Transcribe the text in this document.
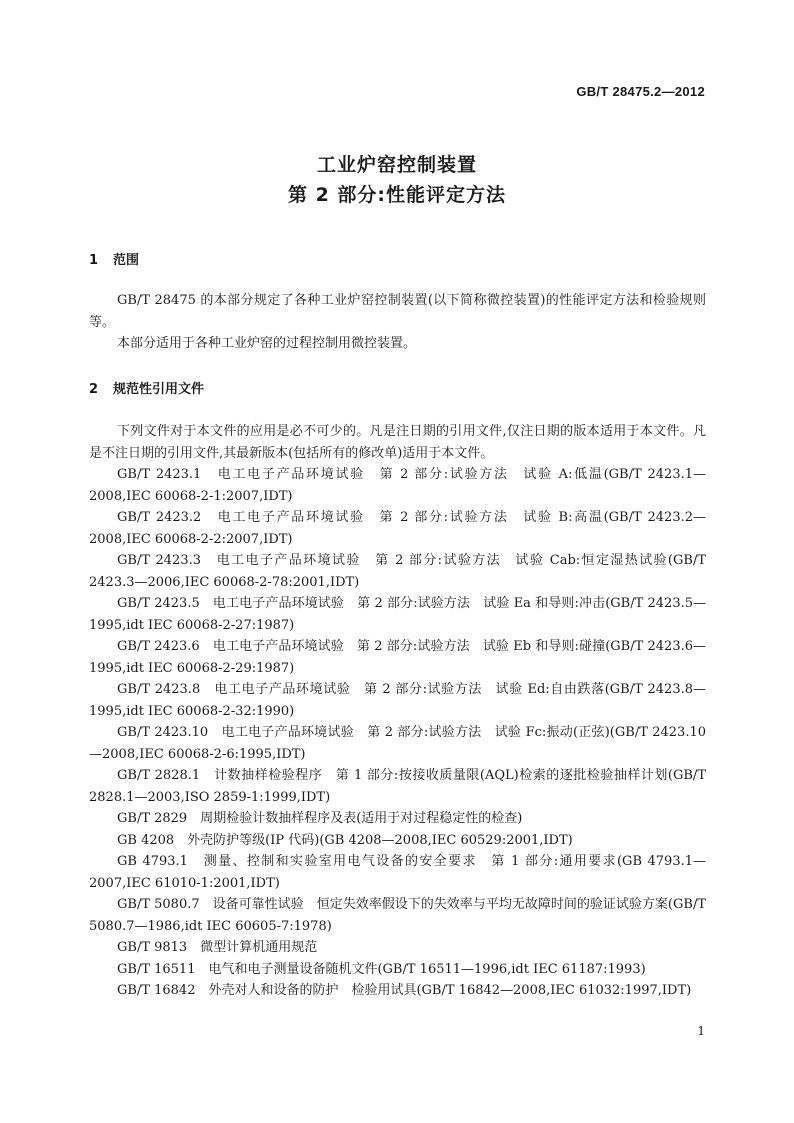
GB/T 28475.2—2012
工业炉窑控制装置
第 2 部分:性能评定方法
1 范围

GB/T 28475 的本部分规定了各种工业炉窑控制装置(以下简称微控装置)的性能评定方法和检验规则等。

本部分适用于各种工业炉窑的过程控制用微控装置。

2 规范性引用文件

下列文件对于本文件的应用是必不可少的。凡是注日期的引用文件,仅注日期的版本适用于本文件。凡是不注日期的引用文件,其最新版本(包括所有的修改单)适用于本文件。

GB/T 2423.1　电工电子产品环境试验　第 2 部分:试验方法　试验 A:低温(GB/T 2423.1—2008,IEC 60068-2-1:2007,IDT)

GB/T 2423.2　电工电子产品环境试验　第 2 部分:试验方法　试验 B:高温(GB/T 2423.2—2008,IEC 60068-2-2:2007,IDT)

GB/T 2423.3　电工电子产品环境试验　第 2 部分:试验方法　试验 Cab:恒定湿热试验(GB/T 2423.3—2006,IEC 60068-2-78:2001,IDT)

GB/T 2423.5　电工电子产品环境试验　第 2 部分:试验方法　试验 Ea 和导则:冲击(GB/T 2423.5—1995,idt IEC 60068-2-27:1987)

GB/T 2423.6　电工电子产品环境试验　第 2 部分:试验方法　试验 Eb 和导则:碰撞(GB/T 2423.6—1995,idt IEC 60068-2-29:1987)

GB/T 2423.8　电工电子产品环境试验　第 2 部分:试验方法　试验 Ed:自由跌落(GB/T 2423.8—1995,idt IEC 60068-2-32:1990)

GB/T 2423.10　电工电子产品环境试验　第 2 部分:试验方法　试验 Fc:振动(正弦)(GB/T 2423.10—2008,IEC 60068-2-6:1995,IDT)

GB/T 2828.1　计数抽样检验程序　第 1 部分:按接收质量限(AQL)检索的逐批检验抽样计划(GB/T 2828.1—2003,ISO 2859-1:1999,IDT)

GB/T 2829　周期检验计数抽样程序及表(适用于对过程稳定性的检查)

GB 4208　外壳防护等级(IP 代码)(GB 4208—2008,IEC 60529:2001,IDT)

GB 4793.1　测量、控制和实验室用电气设备的安全要求　第 1 部分:通用要求(GB 4793.1—2007,IEC 61010-1:2001,IDT)

GB/T 5080.7　设备可靠性试验　恒定失效率假设下的失效率与平均无故障时间的验证试验方案(GB/T 5080.7—1986,idt IEC 60605-7:1978)

GB/T 9813　微型计算机通用规范

GB/T 16511　电气和电子测量设备随机文件(GB/T 16511—1996,idt IEC 61187:1993)

GB/T 16842　外壳对人和设备的防护　检验用试具(GB/T 16842—2008,IEC 61032:1997,IDT)

1
